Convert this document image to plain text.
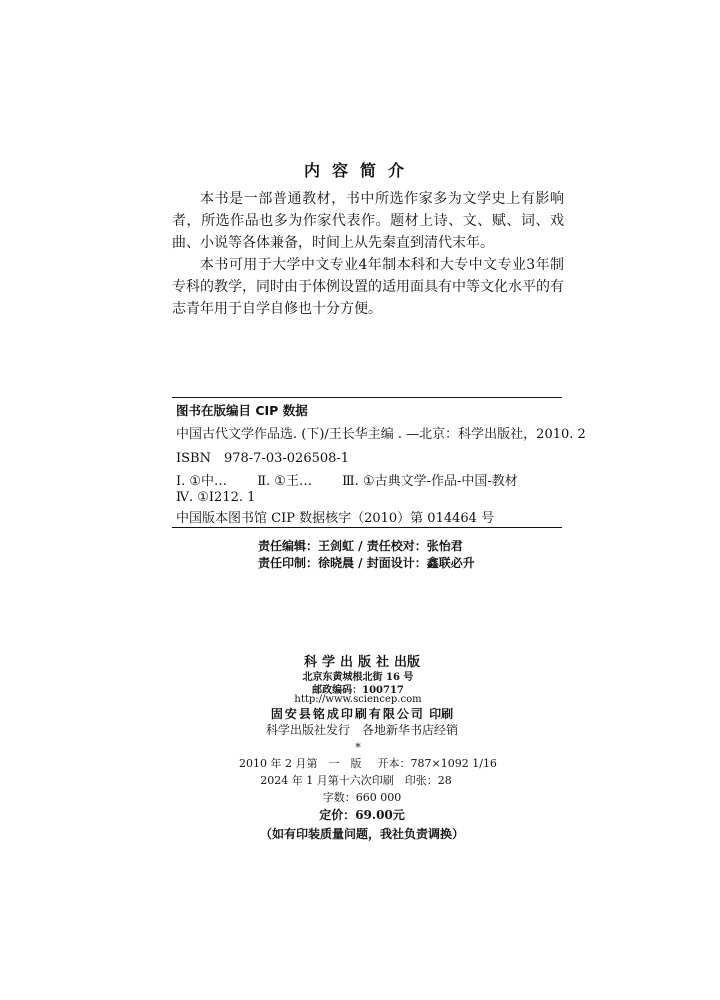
内容简介
本书是一部普通教材，书中所选作家多为文学史上有影响者，所选作品也多为作家代表作。题材上诗、文、赋、词、戏曲、小说等各体兼备，时间上从先秦直到清代末年。
本书可用于大学中文专业4年制本科和大专中文专业3年制专科的教学，同时由于体例设置的适用面具有中等文化水平的有志青年用于自学自修也十分方便。
图书在版编目 CIP 数据
中国古代文学作品选. (下)/王长华主编 . —北京：科学出版社，2010. 2
ISBN　978-7-03-026508-1
Ⅰ. ①中… Ⅱ. ①王… Ⅲ. ①古典文学-作品-中国-教材
Ⅳ. ①I212. 1
中国版本图书馆 CIP 数据核字（2010）第 014464 号
责任编辑：王剑虹 / 责任校对：张怡君
责任印制：徐晓晨 / 封面设计：鑫联必升
科学出版社出版
北京东黄城根北街 16 号
邮政编码：100717
http://www.sciencep.com
固安县铭成印刷有限公司 印刷
科学出版社发行　各地新华书店经销
*
2010 年 2 月第　一　版 开本：787×1092 1/16
2024 年 1 月第十六次印刷　印张：28
字数：660 000
定价：69.00元
（如有印装质量问题，我社负责调换）
